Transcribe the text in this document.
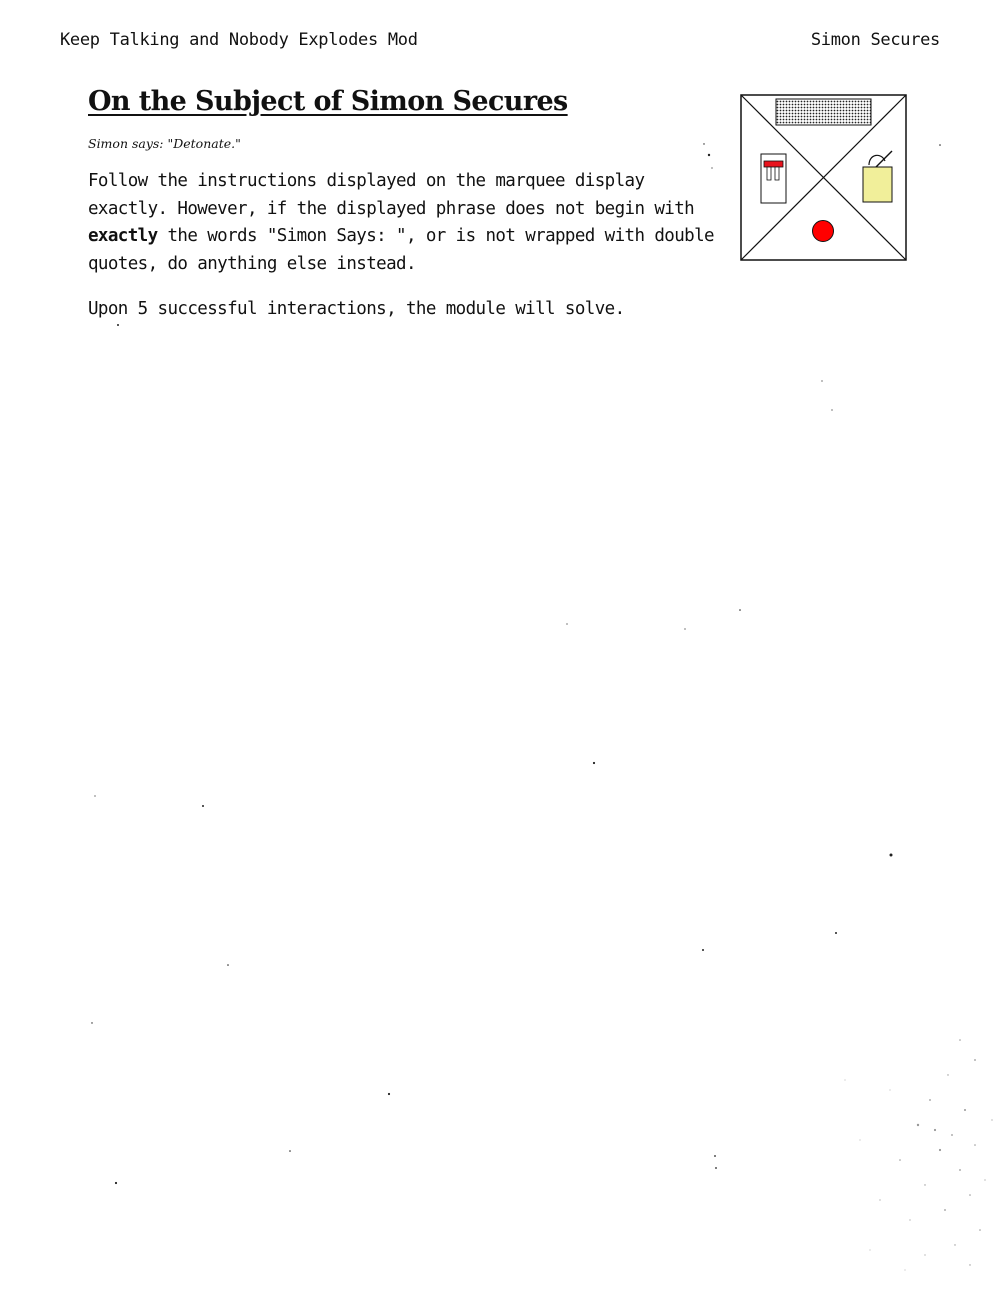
Keep Talking and Nobody Explodes Mod	Simon Secures
On the Subject of Simon Secures
Simon says: "Detonate."
Follow the instructions displayed on the marquee display exactly. However, if the displayed phrase does not begin with exactly the words "Simon Says: ", or is not wrapped with double quotes, do anything else instead.
Upon 5 successful interactions, the module will solve.
